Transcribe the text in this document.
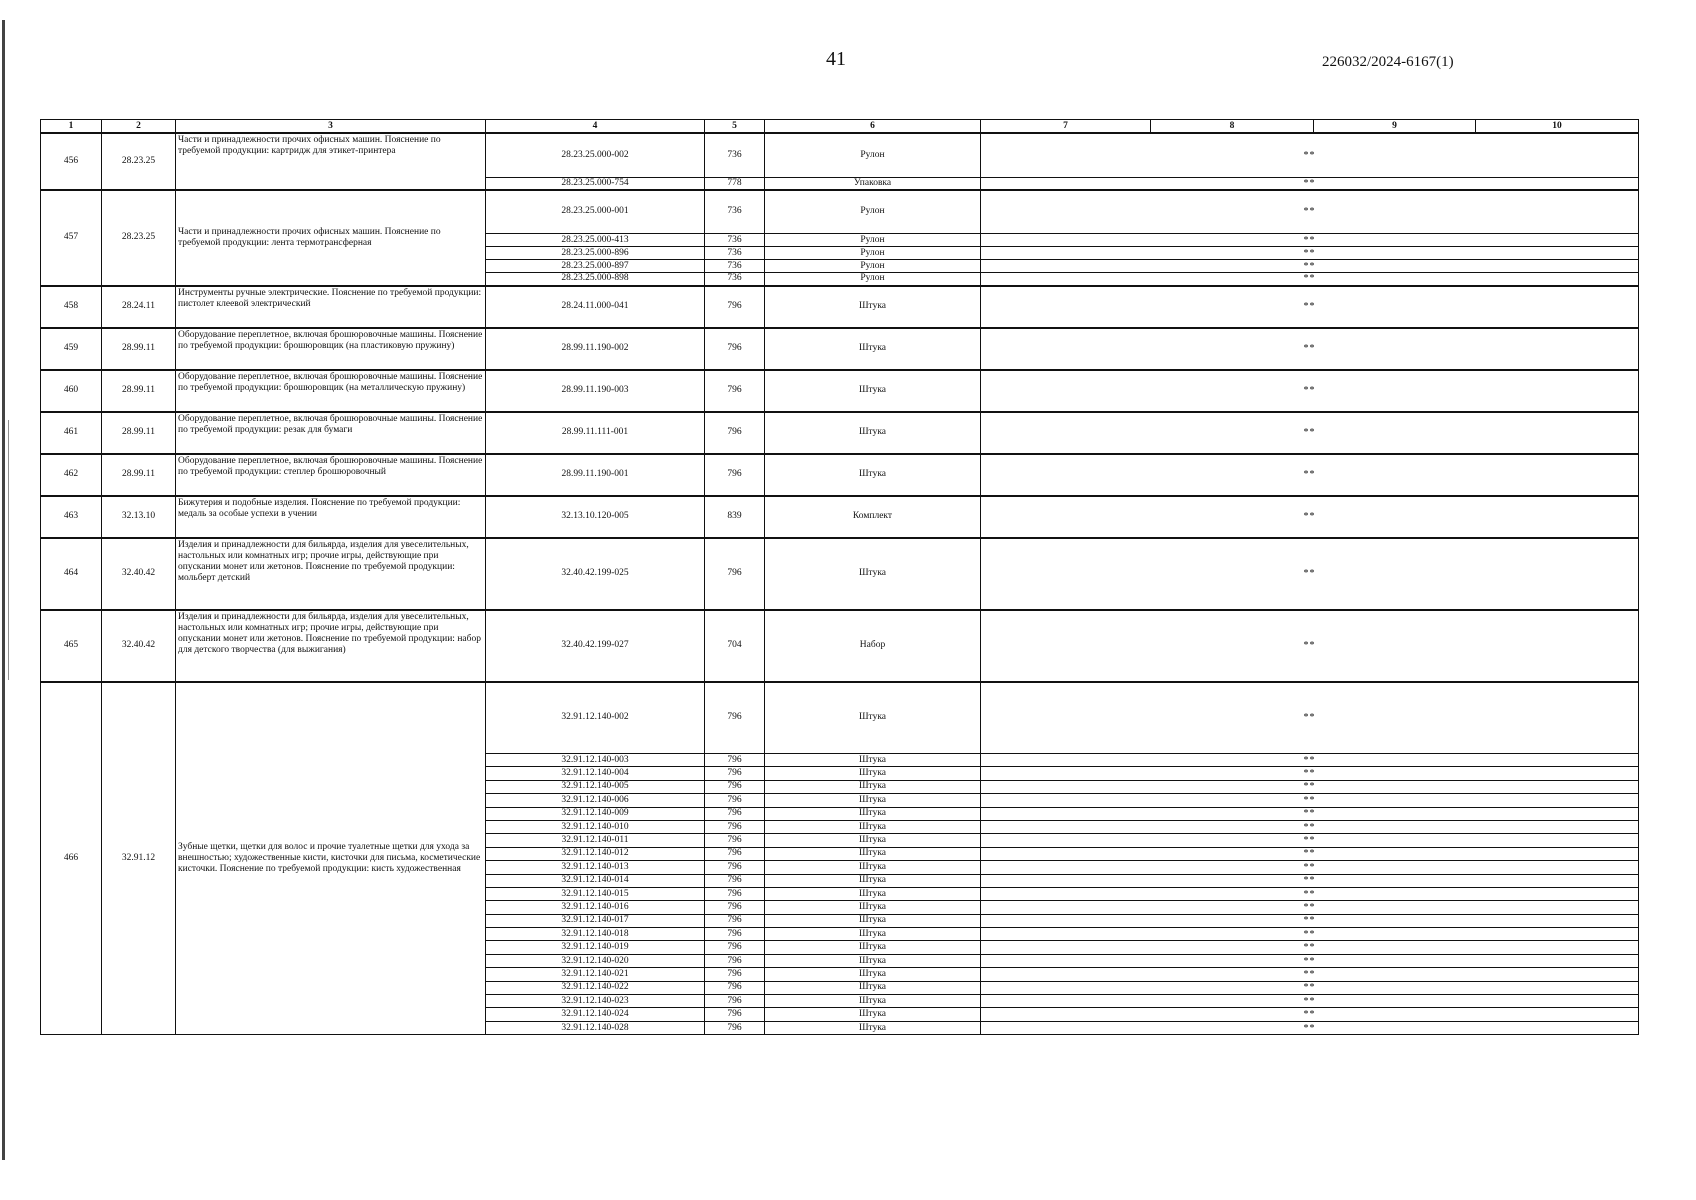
41	226032/2024-6167(1)
1	2	3	4	5	6	7	8	9	10
456	28.23.25	Части и принадлежности прочих офисных машин. Пояснение по требуемой продукции: картридж для этикет-принтера	28.23.25.000-002	736	Рулон	**			
			28.23.25.000-754	778	Упаковка	**			
457	28.23.25	Части и принадлежности прочих офисных машин. Пояснение по требуемой продукции: лента термотрансферная	28.23.25.000-001	736	Рулон	**			
			28.23.25.000-413	736	Рулон	**			
			28.23.25.000-896	736	Рулон	**			
			28.23.25.000-897	736	Рулон	**			
			28.23.25.000-898	736	Рулон	**			
458	28.24.11	Инструменты ручные электрические. Пояснение по требуемой продукции: пистолет клеевой электрический	28.24.11.000-041	796	Штука	**			
459	28.99.11	Оборудование переплетное, включая брошюровочные машины. Пояснение по требуемой продукции: брошюровщик (на пластиковую пружину)	28.99.11.190-002	796	Штука	**			
460	28.99.11	Оборудование переплетное, включая брошюровочные машины. Пояснение по требуемой продукции: брошюровщик (на металлическую пружину)	28.99.11.190-003	796	Штука	**			
461	28.99.11	Оборудование переплетное, включая брошюровочные машины. Пояснение по требуемой продукции: резак для бумаги	28.99.11.111-001	796	Штука	**			
462	28.99.11	Оборудование переплетное, включая брошюровочные машины. Пояснение по требуемой продукции: степлер брошюровочный	28.99.11.190-001	796	Штука	**			
463	32.13.10	Бижутерия и подобные изделия. Пояснение по требуемой продукции: медаль за особые успехи в учении	32.13.10.120-005	839	Комплект	**			
464	32.40.42	Изделия и принадлежности для бильярда, изделия для увеселительных, настольных или комнатных игр; прочие игры, действующие при опускании монет или жетонов. Пояснение по требуемой продукции: мольберт детский	32.40.42.199-025	796	Штука	**			
465	32.40.42	Изделия и принадлежности для бильярда, изделия для увеселительных, настольных или комнатных игр; прочие игры, действующие при опускании монет или жетонов. Пояснение по требуемой продукции: набор для детского творчества (для выжигания)	32.40.42.199-027	704	Набор	**			
466	32.91.12	Зубные щетки, щетки для волос и прочие туалетные щетки для ухода за внешностью; художественные кисти, кисточки для письма, косметические кисточки. Пояснение по требуемой продукции: кисть художественная	32.91.12.140-002	796	Штука	**			
			32.91.12.140-003	796	Штука	**			
			32.91.12.140-004	796	Штука	**			
			32.91.12.140-005	796	Штука	**			
			32.91.12.140-006	796	Штука	**			
			32.91.12.140-009	796	Штука	**			
			32.91.12.140-010	796	Штука	**			
			32.91.12.140-011	796	Штука	**			
			32.91.12.140-012	796	Штука	**			
			32.91.12.140-013	796	Штука	**			
			32.91.12.140-014	796	Штука	**			
			32.91.12.140-015	796	Штука	**			
			32.91.12.140-016	796	Штука	**			
			32.91.12.140-017	796	Штука	**			
			32.91.12.140-018	796	Штука	**			
			32.91.12.140-019	796	Штука	**			
			32.91.12.140-020	796	Штука	**			
			32.91.12.140-021	796	Штука	**			
			32.91.12.140-022	796	Штука	**			
			32.91.12.140-023	796	Штука	**			
			32.91.12.140-024	796	Штука	**			
			32.91.12.140-028	796	Штука	**			
